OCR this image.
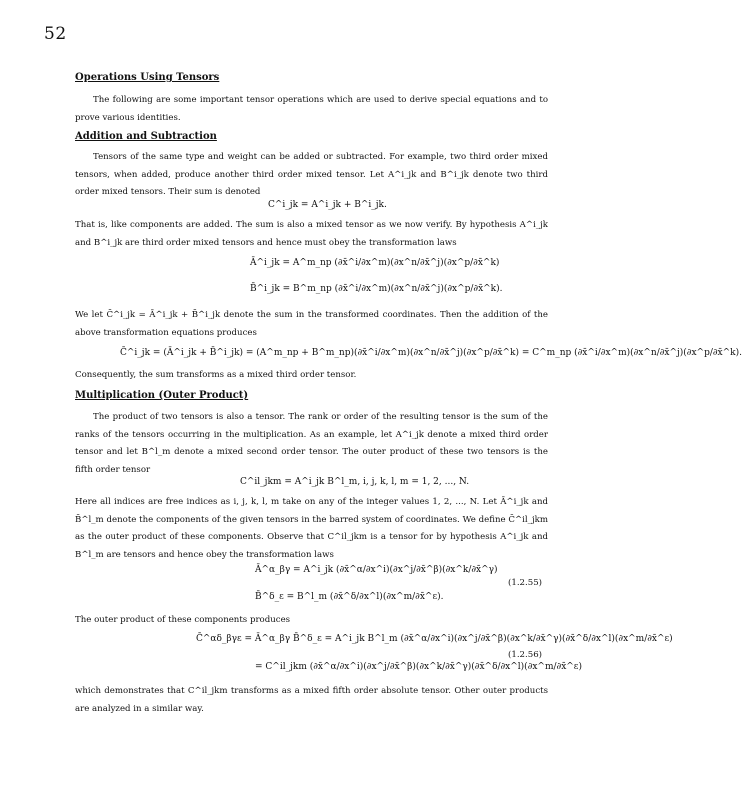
52
Operations Using Tensors
The following are some important tensor operations which are used to derive special equations and to prove various identities.
Addition and Subtraction
Tensors of the same type and weight can be added or subtracted. For example, two third order mixed tensors, when added, produce another third order mixed tensor. Let A^i_jk and B^i_jk denote two third order mixed tensors. Their sum is denoted
C^i_jk = A^i_jk + B^i_jk.
That is, like components are added. The sum is also a mixed tensor as we now verify. By hypothesis A^i_jk and B^i_jk are third order mixed tensors and hence must obey the transformation laws
Ā^i_jk = A^m_np (∂x̄^i/∂x^m)(∂x^n/∂x̄^j)(∂x^p/∂x̄^k)
B̄^i_jk = B^m_np (∂x̄^i/∂x^m)(∂x^n/∂x̄^j)(∂x^p/∂x̄^k).
We let C̄^i_jk = Ā^i_jk + B̄^i_jk denote the sum in the transformed coordinates. Then the addition of the above transformation equations produces
C̄^i_jk = (Ā^i_jk + B̄^i_jk) = (A^m_np + B^m_np)(∂x̄^i/∂x^m)(∂x^n/∂x̄^j)(∂x^p/∂x̄^k) = C^m_np (∂x̄^i/∂x^m)(∂x^n/∂x̄^j)(∂x^p/∂x̄^k).
Consequently, the sum transforms as a mixed third order tensor.
Multiplication (Outer Product)
The product of two tensors is also a tensor. The rank or order of the resulting tensor is the sum of the ranks of the tensors occurring in the multiplication. As an example, let A^i_jk denote a mixed third order tensor and let B^l_m denote a mixed second order tensor. The outer product of these two tensors is the fifth order tensor
C^il_jkm = A^i_jk B^l_m, i, j, k, l, m = 1, 2, ..., N.
Here all indices are free indices as i, j, k, l, m take on any of the integer values 1, 2, ..., N. Let Ā^i_jk and B̄^l_m denote the components of the given tensors in the barred system of coordinates. We define C̄^il_jkm as the outer product of these components. Observe that C^il_jkm is a tensor for by hypothesis A^i_jk and B^l_m are tensors and hence obey the transformation laws
Ā^α_βγ = A^i_jk (∂x̄^α/∂x^i)(∂x^j/∂x̄^β)(∂x^k/∂x̄^γ)
B̄^δ_ε = B^l_m (∂x̄^δ/∂x^l)(∂x^m/∂x̄^ε).
(1.2.55)
The outer product of these components produces
C̄^αδ_βγε = Ā^α_βγ B̄^δ_ε = A^i_jk B^l_m (∂x̄^α/∂x^i)(∂x^j/∂x̄^β)(∂x^k/∂x̄^γ)(∂x̄^δ/∂x^l)(∂x^m/∂x̄^ε)
= C^il_jkm (∂x̄^α/∂x^i)(∂x^j/∂x̄^β)(∂x^k/∂x̄^γ)(∂x̄^δ/∂x^l)(∂x^m/∂x̄^ε)
(1.2.56)
which demonstrates that C^il_jkm transforms as a mixed fifth order absolute tensor. Other outer products are analyzed in a similar way.
